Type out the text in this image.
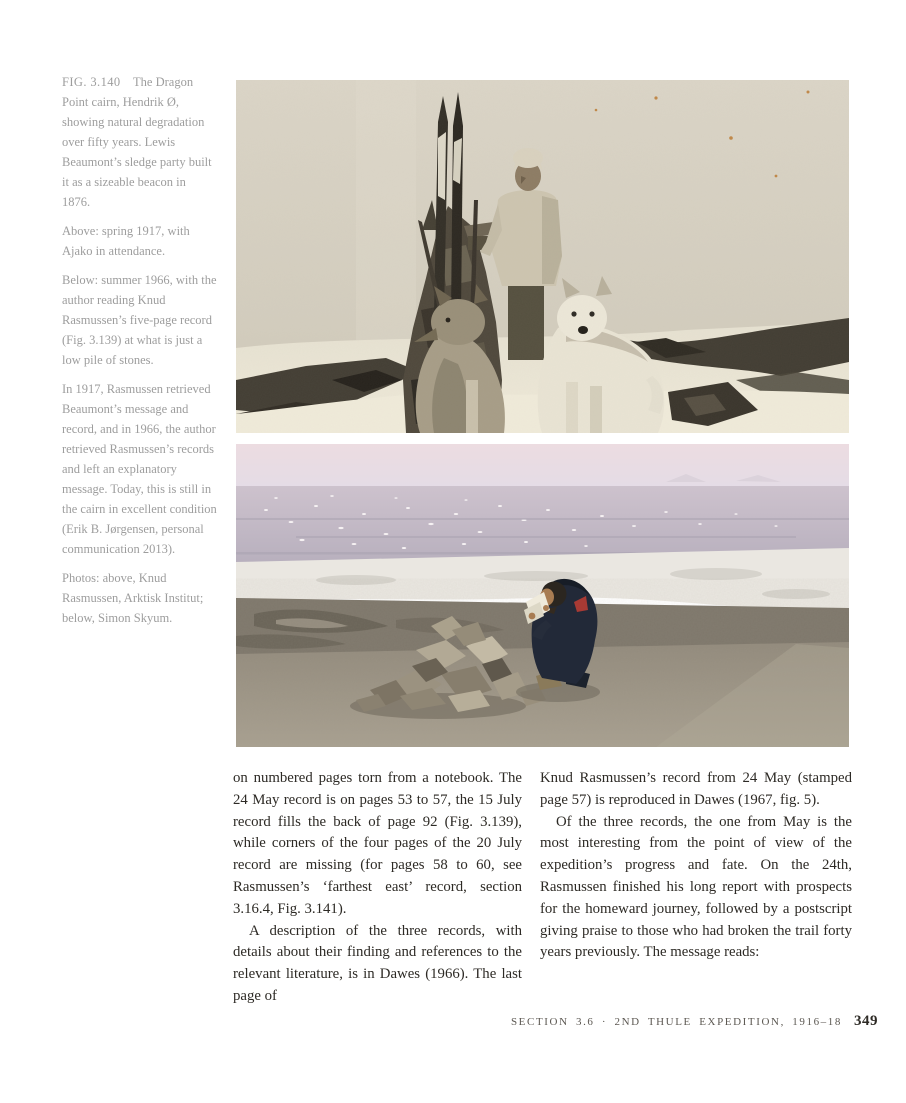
FIG. 3.140  The Dragon Point cairn, Hendrik Ø, showing natural degradation over fifty years. Lewis Beaumont’s sledge party built it as a sizeable beacon in 1876.

Above: spring 1917, with Ajako in attendance.

Below: summer 1966, with the author reading Knud Rasmussen’s five-page record (Fig. 3.139) at what is just a low pile of stones.

In 1917, Rasmussen retrieved Beaumont’s message and record, and in 1966, the author retrieved Rasmussen’s records and left an explanatory message. Today, this is still in the cairn in excellent condition (Erik B. Jørgensen, personal communication 2013).

Photos: above, Knud Rasmussen, Arktisk Institut; below, Simon Skyum.

on numbered pages torn from a notebook. The 24 May record is on pages 53 to 57, the 15 July record fills the back of page 92 (Fig. 3.139), while corners of the four pages of the 20 July record are missing (for pages 58 to 60, see Rasmussen’s ‘farthest east’ record, section 3.16.4, Fig. 3.141).

A description of the three records, with details about their finding and references to the relevant literature, is in Dawes (1966). The last page of

Knud Rasmussen’s record from 24 May (stamped page 57) is reproduced in Dawes (1967, fig. 5).

Of the three records, the one from May is the most interesting from the point of view of the expedition’s progress and fate. On the 24th, Rasmussen finished his long report with prospects for the homeward journey, followed by a postscript giving praise to those who had broken the trail forty years previously. The message reads:

SECTION 3.6 · 2ND THULE EXPEDITION, 1916–18 349
